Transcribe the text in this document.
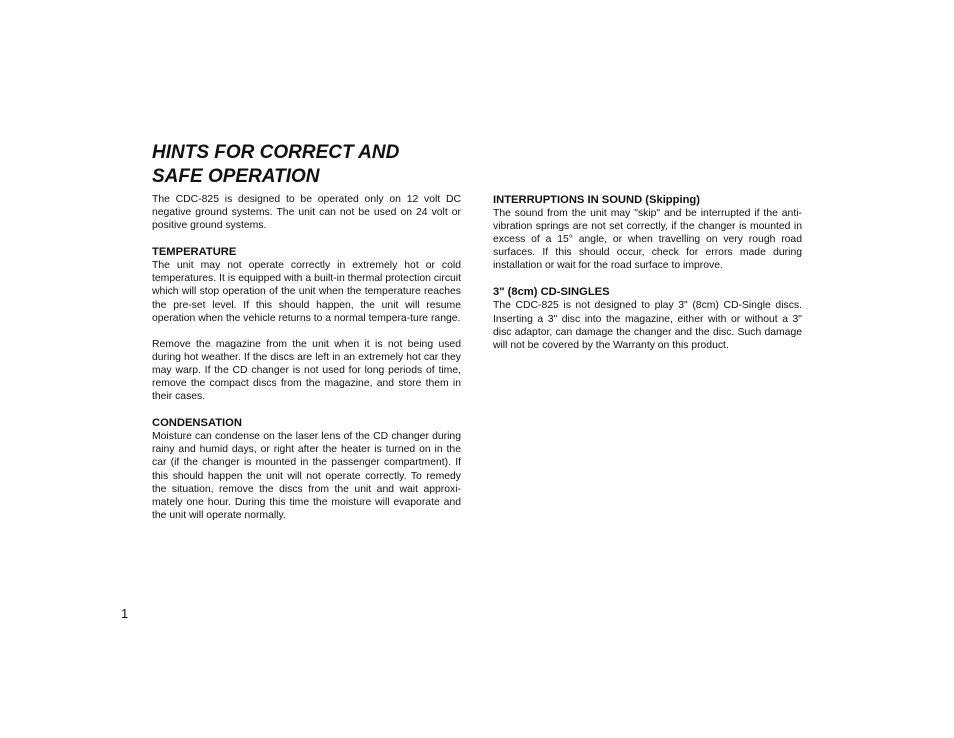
HINTS FOR CORRECT AND
SAFE OPERATION

The CDC-825 is designed to be operated only on 12 volt DC negative ground systems. The unit can not be used on 24 volt or positive ground systems.

TEMPERATURE

The unit may not operate correctly in extremely hot or cold temperatures. It is equipped with a built-in thermal protection circuit which will stop operation of the unit when the temperature reaches the pre-set level. If this should happen, the unit will resume operation when the vehicle returns to a normal tempera-ture range.

Remove the magazine from the unit when it is not being used during hot weather. If the discs are left in an extremely hot car they may warp. If the CD changer is not used for long periods of time, remove the compact discs from the magazine, and store them in their cases.

CONDENSATION

Moisture can condense on the laser lens of the CD changer during rainy and humid days, or right after the heater is turned on in the car (if the changer is mounted in the passenger compartment). If this should happen the unit will not operate correctly. To remedy the situation, remove the discs from the unit and wait approxi-mately one hour. During this time the moisture will evaporate and the unit will operate normally.

INTERRUPTIONS IN SOUND (Skipping)

The sound from the unit may "skip" and be interrupted if the anti-vibration springs are not set correctly, if the changer is mounted in excess of a 15° angle, or when travelling on very rough road surfaces. If this should occur, check for errors made during installation or wait for the road surface to improve.

3" (8cm) CD-SINGLES

The CDC-825 is not designed to play 3" (8cm) CD-Single discs. Inserting a 3" disc into the magazine, either with or without a 3" disc adaptor, can damage the changer and the disc. Such damage will not be covered by the Warranty on this product.

1
